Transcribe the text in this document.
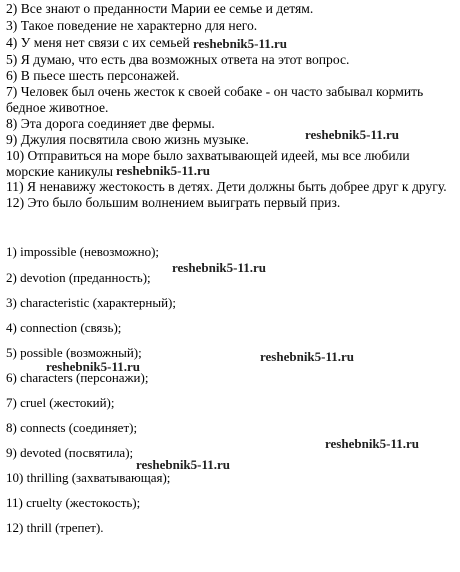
2) Все знают о преданности Марии ее семье и детям.
3) Такое поведение не характерно для него.
4) У меня нет связи с их семьей
5) Я думаю, что есть два возможных ответа на этот вопрос.
6) В пьесе шесть персонажей.
7) Человек был очень жесток к своей собаке - он часто забывал кормить
бедное животное.
8) Эта дорога соединяет две фермы.
9) Джулия посвятила свою жизнь музыке.
10) Отправиться на море было захватывающей идеей, мы все любили
морские каникулы
11) Я ненавижу жестокость в детях. Дети должны быть добрее друг к другу.
12) Это было большим волнением выиграть первый приз.
1) impossible (невозможно);
2) devotion (преданность);
3) characteristic (характерный);
4) connection (связь);
5) possible (возможный);
6) characters (персонажи);
7) cruel (жестокий);
8) connects (соединяет);
9) devoted (посвятила);
10) thrilling (захватывающая);
11) cruelty (жестокость);
12) thrill (трепет).
reshebnik5-11.ru
reshebnik5-11.ru
reshebnik5-11.ru
reshebnik5-11.ru
reshebnik5-11.ru
reshebnik5-11.ru
reshebnik5-11.ru
reshebnik5-11.ru
